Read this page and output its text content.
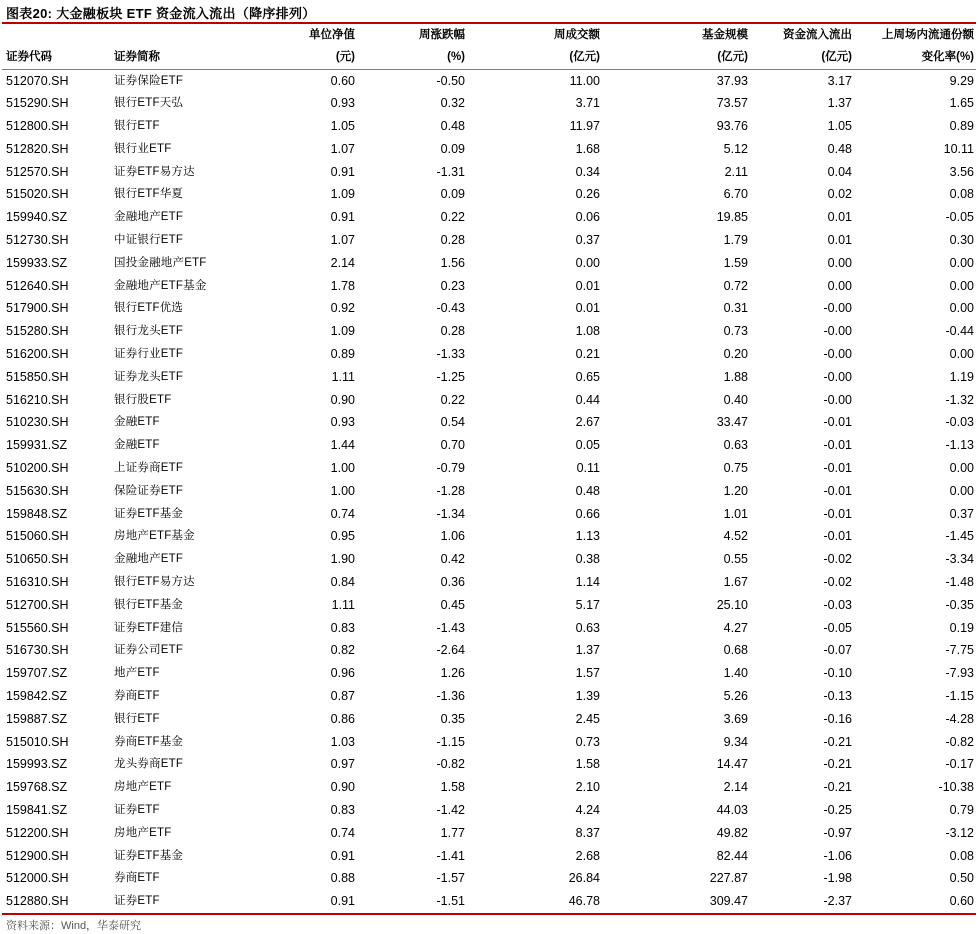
图表20: 大金融板块 ETF 资金流入流出（降序排列）
		单位净值	周涨跌幅	周成交额	基金规模	资金流入流出	上周场内流通份额
证券代码	证券简称	(元)	(%)	(亿元)	(亿元)	(亿元)	变化率(%)
512070.SH	证券保险ETF	0.60	-0.50	11.00	37.93	3.17	9.29
515290.SH	银行ETF天弘	0.93	0.32	3.71	73.57	1.37	1.65
512800.SH	银行ETF	1.05	0.48	11.97	93.76	1.05	0.89
512820.SH	银行业ETF	1.07	0.09	1.68	5.12	0.48	10.11
512570.SH	证券ETF易方达	0.91	-1.31	0.34	2.11	0.04	3.56
515020.SH	银行ETF华夏	1.09	0.09	0.26	6.70	0.02	0.08
159940.SZ	金融地产ETF	0.91	0.22	0.06	19.85	0.01	-0.05
512730.SH	中证银行ETF	1.07	0.28	0.37	1.79	0.01	0.30
159933.SZ	国投金融地产ETF	2.14	1.56	0.00	1.59	0.00	0.00
512640.SH	金融地产ETF基金	1.78	0.23	0.01	0.72	0.00	0.00
517900.SH	银行ETF优选	0.92	-0.43	0.01	0.31	-0.00	0.00
515280.SH	银行龙头ETF	1.09	0.28	1.08	0.73	-0.00	-0.44
516200.SH	证券行业ETF	0.89	-1.33	0.21	0.20	-0.00	0.00
515850.SH	证券龙头ETF	1.11	-1.25	0.65	1.88	-0.00	1.19
516210.SH	银行股ETF	0.90	0.22	0.44	0.40	-0.00	-1.32
510230.SH	金融ETF	0.93	0.54	2.67	33.47	-0.01	-0.03
159931.SZ	金融ETF	1.44	0.70	0.05	0.63	-0.01	-1.13
510200.SH	上证券商ETF	1.00	-0.79	0.11	0.75	-0.01	0.00
515630.SH	保险证券ETF	1.00	-1.28	0.48	1.20	-0.01	0.00
159848.SZ	证券ETF基金	0.74	-1.34	0.66	1.01	-0.01	0.37
515060.SH	房地产ETF基金	0.95	1.06	1.13	4.52	-0.01	-1.45
510650.SH	金融地产ETF	1.90	0.42	0.38	0.55	-0.02	-3.34
516310.SH	银行ETF易方达	0.84	0.36	1.14	1.67	-0.02	-1.48
512700.SH	银行ETF基金	1.11	0.45	5.17	25.10	-0.03	-0.35
515560.SH	证券ETF建信	0.83	-1.43	0.63	4.27	-0.05	0.19
516730.SH	证券公司ETF	0.82	-2.64	1.37	0.68	-0.07	-7.75
159707.SZ	地产ETF	0.96	1.26	1.57	1.40	-0.10	-7.93
159842.SZ	券商ETF	0.87	-1.36	1.39	5.26	-0.13	-1.15
159887.SZ	银行ETF	0.86	0.35	2.45	3.69	-0.16	-4.28
515010.SH	券商ETF基金	1.03	-1.15	0.73	9.34	-0.21	-0.82
159993.SZ	龙头券商ETF	0.97	-0.82	1.58	14.47	-0.21	-0.17
159768.SZ	房地产ETF	0.90	1.58	2.10	2.14	-0.21	-10.38
159841.SZ	证券ETF	0.83	-1.42	4.24	44.03	-0.25	0.79
512200.SH	房地产ETF	0.74	1.77	8.37	49.82	-0.97	-3.12
512900.SH	证券ETF基金	0.91	-1.41	2.68	82.44	-1.06	0.08
512000.SH	券商ETF	0.88	-1.57	26.84	227.87	-1.98	0.50
512880.SH	证券ETF	0.91	-1.51	46.78	309.47	-2.37	0.60
资料来源：Wind，华泰研究
